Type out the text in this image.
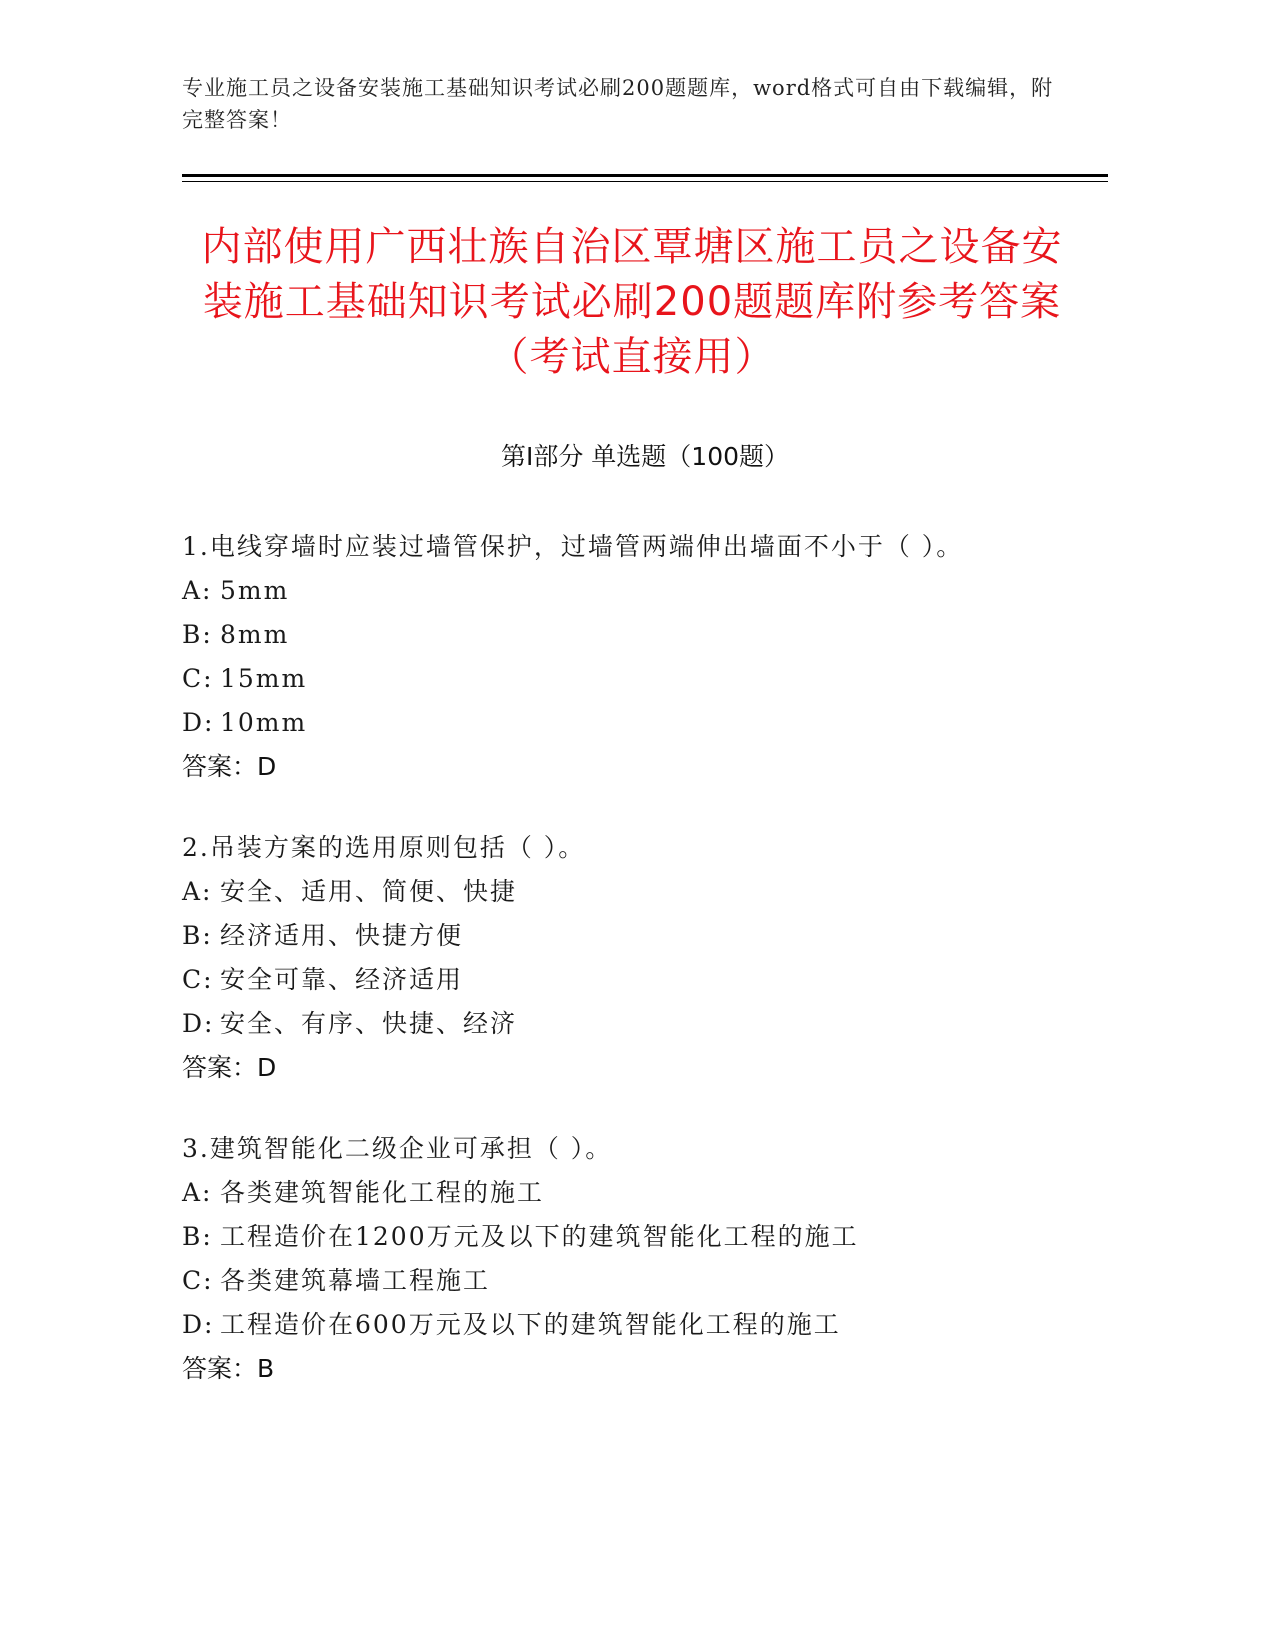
专业施工员之设备安装施工基础知识考试必刷200题题库，word格式可自由下载编辑，附完整答案！
内部使用广西壮族自治区覃塘区施工员之设备安装施工基础知识考试必刷200题题库附参考答案（考试直接用）
第Ⅰ部分 单选题（100题）
1.电线穿墙时应装过墙管保护，过墙管两端伸出墙面不小于（ ）。
A: 5mm
B: 8mm
C: 15mm
D: 10mm
答案：D
2.吊装方案的选用原则包括（ ）。
A: 安全、适用、简便、快捷
B: 经济适用、快捷方便
C: 安全可靠、经济适用
D: 安全、有序、快捷、经济
答案：D
3.建筑智能化二级企业可承担（ ）。
A: 各类建筑智能化工程的施工
B: 工程造价在1200万元及以下的建筑智能化工程的施工
C: 各类建筑幕墙工程施工
D: 工程造价在600万元及以下的建筑智能化工程的施工
答案：B
